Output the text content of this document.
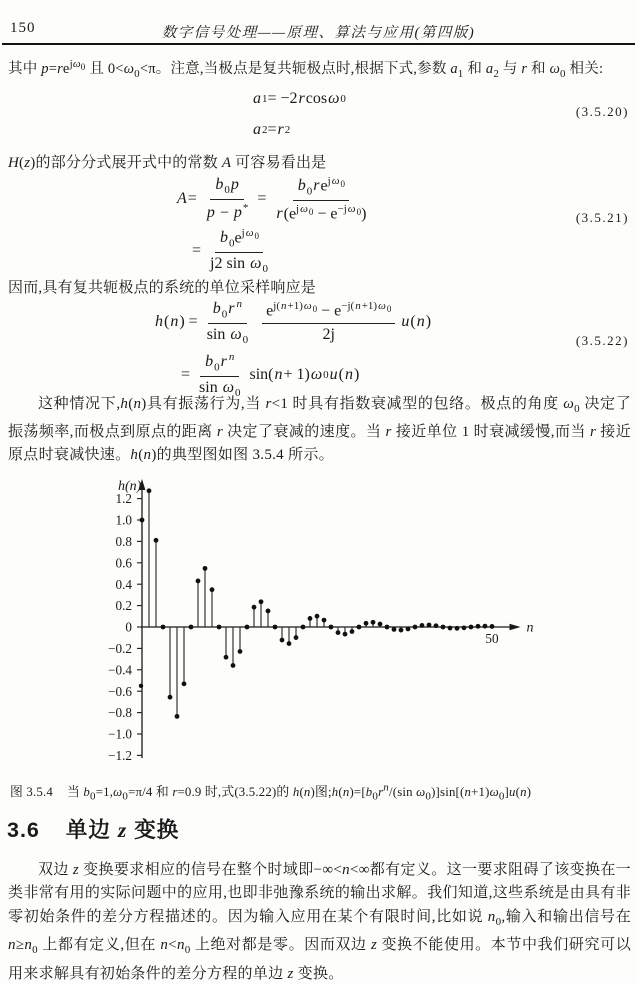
150	数字信号处理——原理、算法与应用(第四版)
其中 $p=re^{j\omega_0}$ 且 $0<\omega_0<\pi$。注意,当极点是复共轭极点时,根据下式,参数 $a_1$ 和 $a_2$ 与 r 和 $\omega_0$ 相关:
a 1 = −2 r cos ω 0
a 2 = r 2
(3.5.20)
H(z)的部分分式展开式中的常数 A 可容易看出是
$A = \frac{b_0p}{p - p^*} = \frac{b_0re^{j\omega_0}}{r(e^{j\omega_0} - e^{-j\omega_0})}$
= $\frac{b_0e^{j\omega_0}}{j2 \sin \omega_0}$
(3.5.21)
因而,具有复共轭极点的系统的单位采样响应是
h ( n ) = $\frac{b_0r ^n}{\sin \omega_0} \frac{e^{j(n+1)\omega_0} - e^{-j(n+1)\omega_0}}{2j}$ u ( n )
= $\frac{b_0r ^n}{\sin \omega_0} \sin$( n + 1) ω 0 u ( n )
(3.5.22)
这种情况下,h(n)具有振荡行为,当 r<1 时具有指数衰减型的包络。极点的角度 $\omega_0$ 决定了振荡频率,而极点到原点的距离 r 决定了衰减的速度。当 r 接近单位 1 时衰减缓慢,而当 r 接近原点时衰减快速。h(n)的典型图如图 3.5.4 所示。
1.2
1.0
0.8
0.6
0.4
0.2
0
−0.2
−0.4
−0.6
−0.8
−1.0
−1.2
50
n
h(n)
图 3.5.4 当 $b_0=1,\omega_0=\pi/4$ 和 r=0.9 时,式(3.5.22)的 h(n)图$;h(n)=[b_0r^n/(\sin$ $\omega_0)]\sin[(n+1)\omega_0]u(n)$
3.6 单边 z 变换
双边 z 变换要求相应的信号在整个时域即−∞<n<∞都有定义。这一要求阻碍了该变换在一类非常有用的实际问题中的应用,也即非弛豫系统的输出求解。我们知道,这些系统是由具有非零初始条件的差分方程描述的。因为输入应用在某个有限时间,比如说 $n_0$,输入和输出信号在 $n\ge n_0$ 上都有定义,但在 $n<n_0$ 上绝对都是零。因而双边 z 变换不能使用。本节中我们研究可以用来求解具有初始条件的差分方程的单边 z 变换。
